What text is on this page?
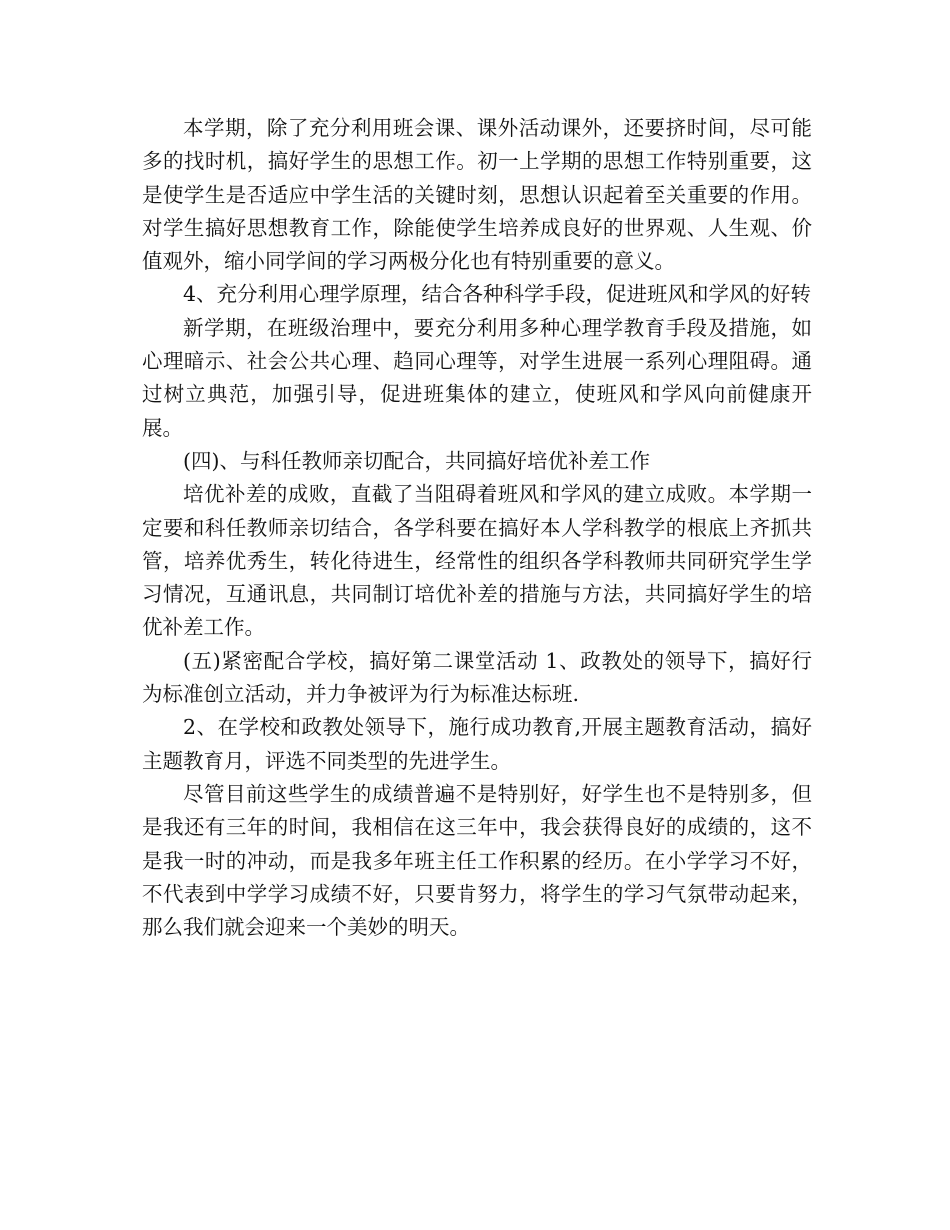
本学期，除了充分利用班会课、课外活动课外，还要挤时间，尽可能多的找时机，搞好学生的思想工作。初一上学期的思想工作特别重要，这是使学生是否适应中学生活的关键时刻，思想认识起着至关重要的作用。对学生搞好思想教育工作，除能使学生培养成良好的世界观、人生观、价值观外，缩小同学间的学习两极分化也有特别重要的意义。

4、充分利用心理学原理，结合各种科学手段，促进班风和学风的好转

新学期，在班级治理中，要充分利用多种心理学教育手段及措施，如心理暗示、社会公共心理、趋同心理等，对学生进展一系列心理阻碍。通过树立典范，加强引导，促进班集体的建立，使班风和学风向前健康开展。

(四)、与科任教师亲切配合，共同搞好培优补差工作

培优补差的成败，直截了当阻碍着班风和学风的建立成败。本学期一定要和科任教师亲切结合，各学科要在搞好本人学科教学的根底上齐抓共管，培养优秀生，转化待进生，经常性的组织各学科教师共同研究学生学习情况，互通讯息，共同制订培优补差的措施与方法，共同搞好学生的培优补差工作。

(五)紧密配合学校，搞好第二课堂活动 1、政教处的领导下，搞好行为标准创立活动，并力争被评为行为标准达标班.

2、在学校和政教处领导下，施行成功教育,开展主题教育活动，搞好主题教育月，评选不同类型的先进学生。

尽管目前这些学生的成绩普遍不是特别好，好学生也不是特别多，但是我还有三年的时间，我相信在这三年中，我会获得良好的成绩的，这不是我一时的冲动，而是我多年班主任工作积累的经历。在小学学习不好，不代表到中学学习成绩不好，只要肯努力，将学生的学习气氛带动起来，那么我们就会迎来一个美妙的明天。
